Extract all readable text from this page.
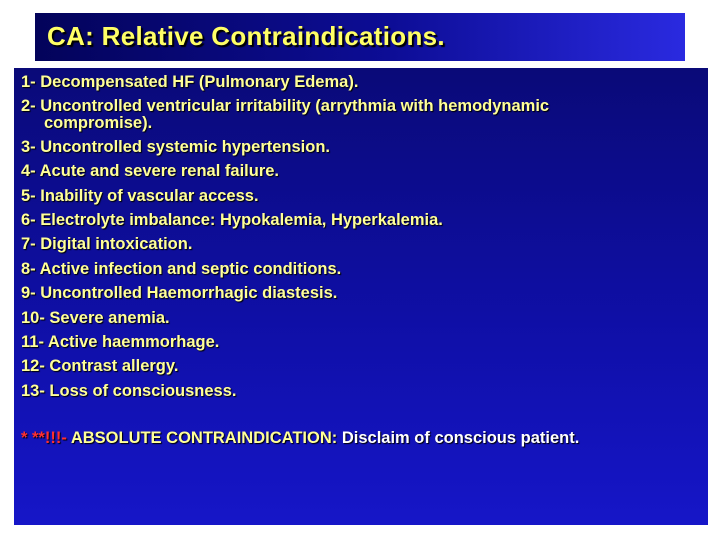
CA: Relative Contraindications.
1- Decompensated HF (Pulmonary Edema).
2- Uncontrolled ventricular irritability (arrythmia with hemodynamic
compromise).
3- Uncontrolled systemic hypertension.
4- Acute and severe renal failure.
5- Inability of vascular access.
6- Electrolyte imbalance: Hypokalemia, Hyperkalemia.
7- Digital intoxication.
8- Active infection and septic conditions.
9- Uncontrolled Haemorrhagic diastesis.
10- Severe anemia.
11- Active haemmorhage.
12- Contrast allergy.
13- Loss of consciousness.
* **!!!- ABSOLUTE CONTRAINDICATION: Disclaim of conscious patient.
